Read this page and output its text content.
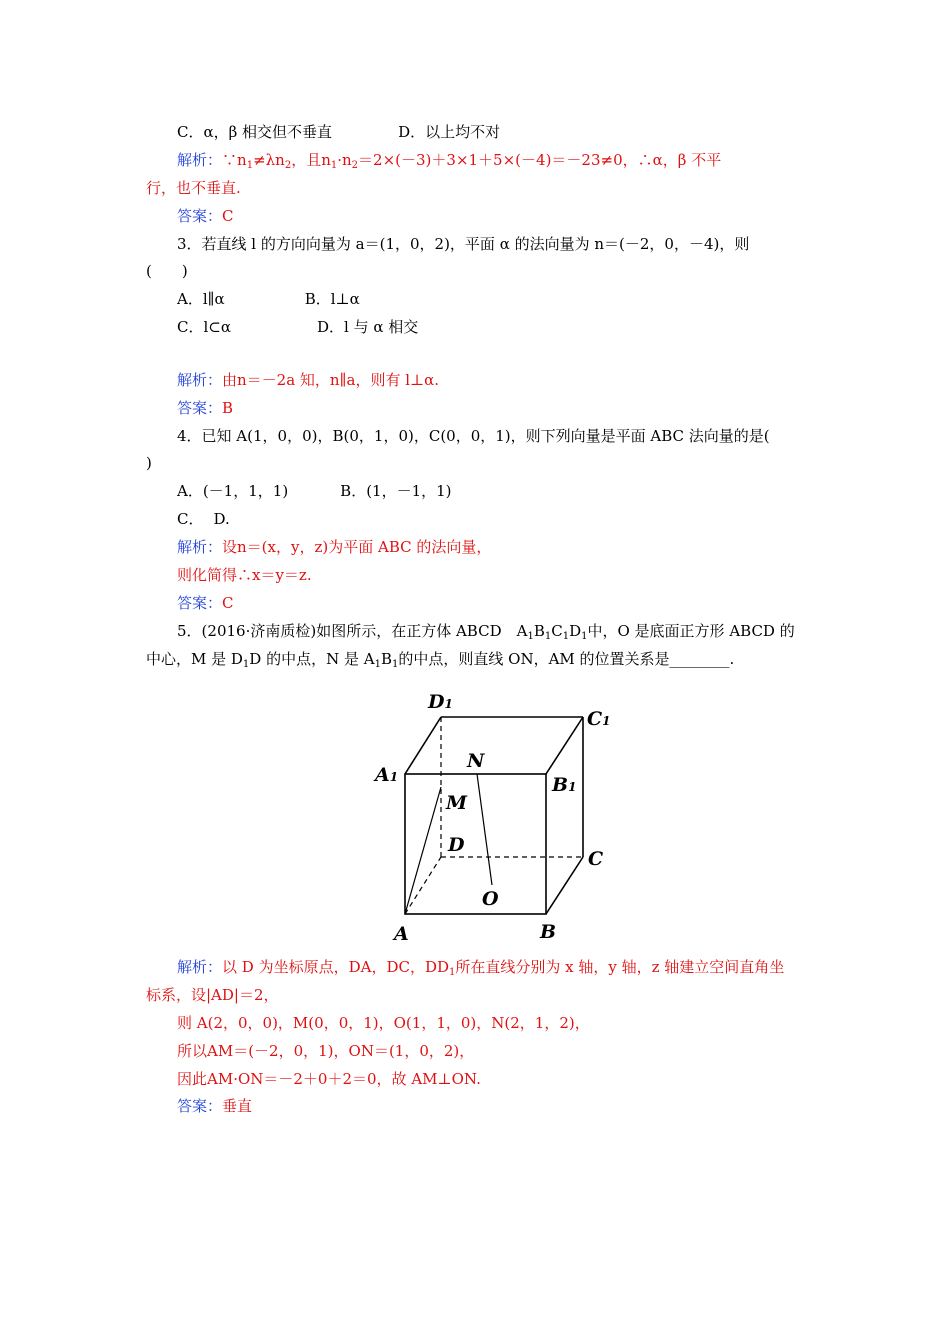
C．α，β 相交但不垂直	D．以上均不对
解析：$\because n_1\ne\lambda n_2$，且$n_1\cdot n_2=2\times(-3)+3\times 1+5\times(-4)=-23\ne 0$，∴α，β 不平
行，也不垂直.
答案：C
3．若直线 l 的方向向量为 a＝(1，0，2)，平面 α 的法向量为 n＝(－2，0，－4)，则
(　　)
A．l∥α	B．l⊥α
C．l⊂α	D．l 与 α 相交
解析：由n＝－2a 知，n∥a，则有 l⊥α.
答案：B
4．已知 A(1，0，0)，B(0，1，0)，C(0，0，1)，则下列向量是平面 ABC 法向量的是(
)
A．(－1，1，1)	B．(1，－1，1)
C． D.
解析：设n＝(x，y，z)为平面 ABC 的法向量，
则化简得∴x＝y＝z.
答案：C
5．(2016·济南质检)如图所示，在正方体 ABCD　$A_1B_1C_1D_1$中，O 是底面正方形 ABCD 的
中心，M 是 $D_1D$ 的中点，N 是 $A_1B_1$的中点，则直线 ON，AM 的位置关系是________.
D1
C1
A1	B1
N
M
D
C
O
A	B
解析：以 D 为坐标原点，DA，DC，$DD_1$所在直线分别为 x 轴，y 轴，z 轴建立空间直角坐
标系，设|AD|＝2，
则 A(2，0，0)，M(0，0，1)，O(1，1，0)，N(2，1，2)，
所以AM＝(－2，0，1)，ON＝(1，0，2)，
因此AM·ON＝－2＋0＋2＝0，故 AM⊥ON.
答案：垂直
